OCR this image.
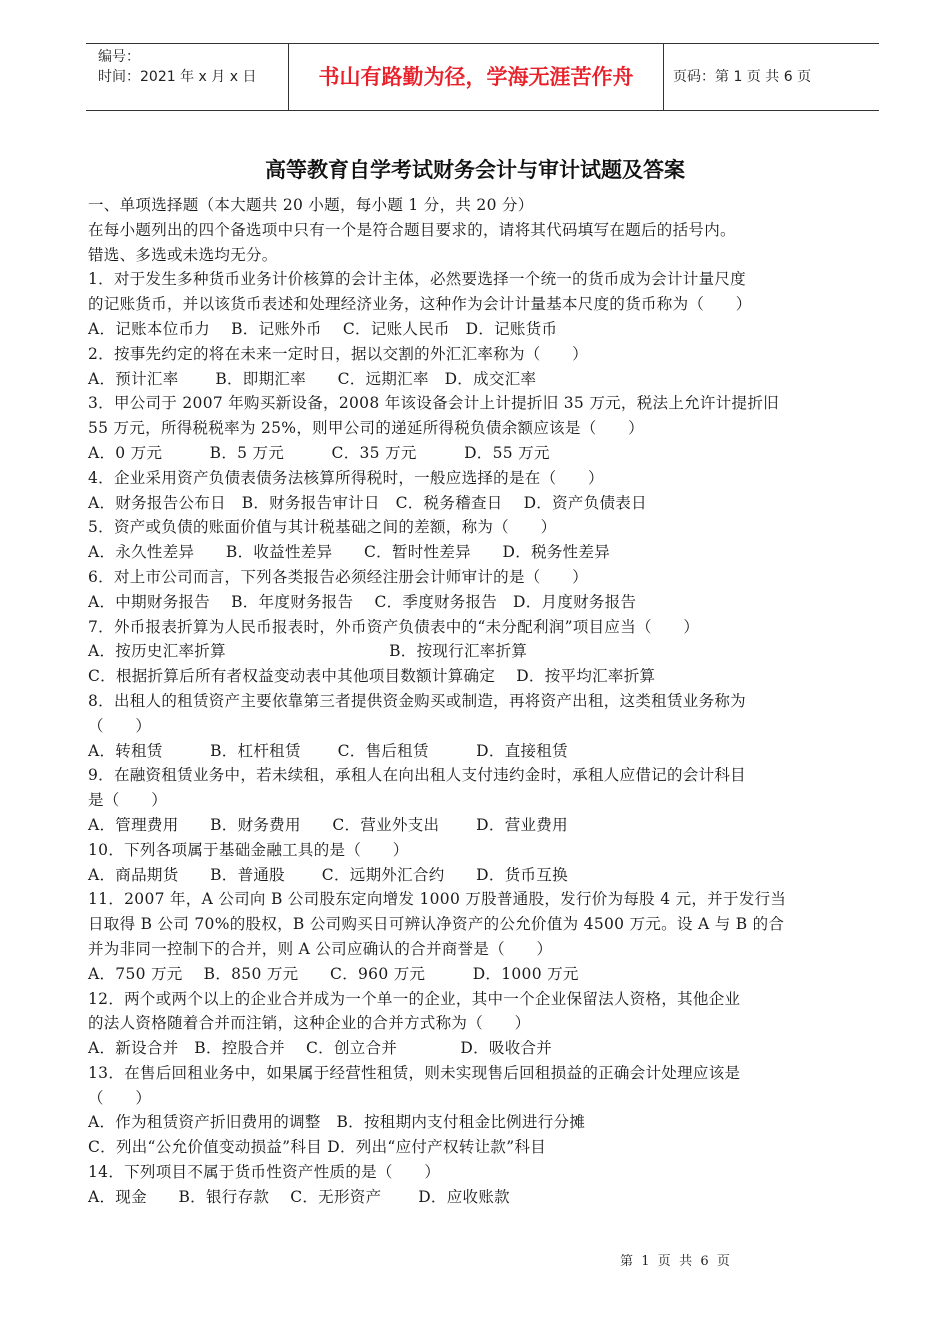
编号：
时间：2021 年 x 月 x 日	书山有路勤为径，学海无涯苦作舟	页码：第 1 页 共 6 页
高等教育自学考试财务会计与审计试题及答案
一、单项选择题（本大题共 20 小题，每小题 1 分，共 20 分）
在每小题列出的四个备选项中只有一个是符合题目要求的，请将其代码填写在题后的括号内。
错选、多选或未选均无分。
1．对于发生多种货币业务计价核算的会计主体，必然要选择一个统一的货币成为会计计量尺度
的记账货币，并以该货币表述和处理经济业务，这种作为会计计量基本尺度的货币称为（　　）
A．记账本位币力　 B．记账外币　 C．记账人民币　D．记账货币
2．按事先约定的将在未来一定时日，据以交割的外汇汇率称为（　　）
A．预计汇率　　 B．即期汇率　　C．远期汇率　D．成交汇率
3．甲公司于 2007 年购买新设备，2008 年该设备会计上计提折旧 35 万元，税法上允许计提折旧
55 万元，所得税税率为 25%，则甲公司的递延所得税负债余额应该是（　　）
A．0 万元　　　B．5 万元　　　C．35 万元　　　D．55 万元
4．企业采用资产负债表债务法核算所得税时，一般应选择的是在（　　）
A．财务报告公布日　B．财务报告审计日　C．税务稽查日　 D．资产负债表日
5．资产或负债的账面价值与其计税基础之间的差额，称为（　　）
A．永久性差异　　B．收益性差异　　C．暂时性差异　　D．税务性差异
6．对上市公司而言，下列各类报告必须经注册会计师审计的是（　　）
A．中期财务报告　 B．年度财务报告　 C．季度财务报告　D．月度财务报告
7．外币报表折算为人民币报表时，外币资产负债表中的“未分配利润”项目应当（　　）
A．按历史汇率折算　　　　　　　　　　 B．按现行汇率折算
C．根据折算后所有者权益变动表中其他项目数额计算确定　 D．按平均汇率折算
8．出租人的租赁资产主要依靠第三者提供资金购买或制造，再将资产出租，这类租赁业务称为
（　　）
A．转租赁　　　B．杠杆租赁　　 C．售后租赁　　　D．直接租赁
9．在融资租赁业务中，若未续租，承租人在向出租人支付违约金时，承租人应借记的会计科目
是（　　）
A．管理费用　　B．财务费用　　C．营业外支出　　 D．营业费用
10．下列各项属于基础金融工具的是（　　）
A．商品期货　　B．普通股　　 C．远期外汇合约　　D．货币互换
11．2007 年，A 公司向 B 公司股东定向增发 1000 万股普通股，发行价为每股 4 元，并于发行当
日取得 B 公司 70%的股权，B 公司购买日可辨认净资产的公允价值为 4500 万元。设 A 与 B 的合
并为非同一控制下的合并，则 A 公司应确认的合并商誉是（　　）
A．750 万元　 B．850 万元　　C．960 万元　　　D．1000 万元
12．两个或两个以上的企业合并成为一个单一的企业，其中一个企业保留法人资格，其他企业
的法人资格随着合并而注销，这种企业的合并方式称为（　　）
A．新设合并　B．控股合并　 C．创立合并　　　　D．吸收合并
13．在售后回租业务中，如果属于经营性租赁，则未实现售后回租损益的正确会计处理应该是
（　　）
A．作为租赁资产折旧费用的调整　B．按租期内支付租金比例进行分摊
C．列出“公允价值变动损益”科目 D．列出“应付产权转让款”科目
14．下列项目不属于货币性资产性质的是（　　）
A．现金　　B．银行存款　 C．无形资产　　 D．应收账款
第  1  页  共  6  页
